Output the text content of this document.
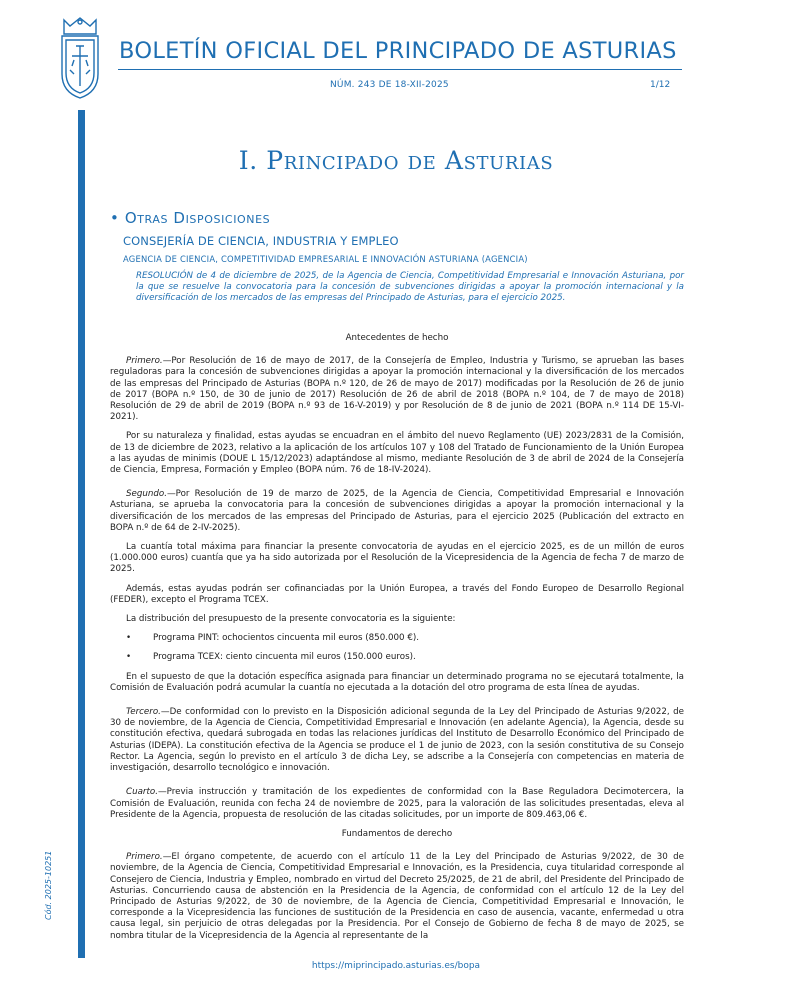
BOLETÍN OFICIAL DEL PRINCIPADO DE ASTURIAS
NÚM. 243 DE 18-XII-2025	1/12
Cód. 2025-10251
I. Principado de Asturias
• Otras Disposiciones
CONSEJERÍA DE CIENCIA, INDUSTRIA Y EMPLEO
AGENCIA DE CIENCIA, COMPETITIVIDAD EMPRESARIAL E INNOVACIÓN ASTURIANA (AGENCIA)
RESOLUCIÓN de 4 de diciembre de 2025, de la Agencia de Ciencia, Competitividad Empresarial e Innovación Asturiana, por la que se resuelve la convocatoria para la concesión de subvenciones dirigidas a apoyar la promoción internacional y la diversificación de los mercados de las empresas del Principado de Asturias, para el ejercicio 2025.

Antecedentes de hecho

Primero.—Por Resolución de 16 de mayo de 2017, de la Consejería de Empleo, Industria y Turismo, se aprueban las bases reguladoras para la concesión de subvenciones dirigidas a apoyar la promoción internacional y la diversificación de los mercados de las empresas del Principado de Asturias (BOPA n.º 120, de 26 de mayo de 2017) modificadas por la Resolución de 26 de junio de 2017 (BOPA n.º 150, de 30 de junio de 2017) Resolución de 26 de abril de 2018 (BOPA n.º 104, de 7 de mayo de 2018) Resolución de 29 de abril de 2019 (BOPA n.º 93 de 16-V-2019) y por Resolución de 8 de junio de 2021 (BOPA n.º 114 DE 15-VI-2021).

Por su naturaleza y finalidad, estas ayudas se encuadran en el ámbito del nuevo Reglamento (UE) 2023/2831 de la Comisión, de 13 de diciembre de 2023, relativo a la aplicación de los artículos 107 y 108 del Tratado de Funcionamiento de la Unión Europea a las ayudas de minimis (DOUE L 15/12/2023) adaptándose al mismo, mediante Resolución de 3 de abril de 2024 de la Consejería de Ciencia, Empresa, Formación y Empleo (BOPA núm. 76 de 18-IV-2024).

Segundo.—Por Resolución de 19 de marzo de 2025, de la Agencia de Ciencia, Competitividad Empresarial e Innovación Asturiana, se aprueba la convocatoria para la concesión de subvenciones dirigidas a apoyar la promoción internacional y la diversificación de los mercados de las empresas del Principado de Asturias, para el ejercicio 2025 (Publicación del extracto en BOPA n.º de 64 de 2-IV-2025).

La cuantía total máxima para financiar la presente convocatoria de ayudas en el ejercicio 2025, es de un millón de euros (1.000.000 euros) cuantía que ya ha sido autorizada por el Resolución de la Vicepresidencia de la Agencia de fecha 7 de marzo de 2025.

Además, estas ayudas podrán ser cofinanciadas por la Unión Europea, a través del Fondo Europeo de Desarrollo Regional (FEDER), excepto el Programa TCEX.

La distribución del presupuesto de la presente convocatoria es la siguiente:

•	Programa PINT: ochocientos cincuenta mil euros (850.000 €).

•	Programa TCEX: ciento cincuenta mil euros (150.000 euros).

En el supuesto de que la dotación específica asignada para financiar un determinado programa no se ejecutará totalmente, la Comisión de Evaluación podrá acumular la cuantía no ejecutada a la dotación del otro programa de esta línea de ayudas.

Tercero.—De conformidad con lo previsto en la Disposición adicional segunda de la Ley del Principado de Asturias 9/2022, de 30 de noviembre, de la Agencia de Ciencia, Competitividad Empresarial e Innovación (en adelante Agencia), la Agencia, desde su constitución efectiva, quedará subrogada en todas las relaciones jurídicas del Instituto de Desarrollo Económico del Principado de Asturias (IDEPA). La constitución efectiva de la Agencia se produce el 1 de junio de 2023, con la sesión constitutiva de su Consejo Rector. La Agencia, según lo previsto en el artículo 3 de dicha Ley, se adscribe a la Consejería con competencias en materia de investigación, desarrollo tecnológico e innovación.

Cuarto.—Previa instrucción y tramitación de los expedientes de conformidad con la Base Reguladora Decimotercera, la Comisión de Evaluación, reunida con fecha 24 de noviembre de 2025, para la valoración de las solicitudes presentadas, eleva al Presidente de la Agencia, propuesta de resolución de las citadas solicitudes, por un importe de 809.463,06 €.

Fundamentos de derecho

Primero.—El órgano competente, de acuerdo con el artículo 11 de la Ley del Principado de Asturias 9/2022, de 30 de noviembre, de la Agencia de Ciencia, Competitividad Empresarial e Innovación, es la Presidencia, cuya titularidad corresponde al Consejero de Ciencia, Industria y Empleo, nombrado en virtud del Decreto 25/2025, de 21 de abril, del Presidente del Principado de Asturias. Concurriendo causa de abstención en la Presidencia de la Agencia, de conformidad con el artículo 12 de la Ley del Principado de Asturias 9/2022, de 30 de noviembre, de la Agencia de Ciencia, Competitividad Empresarial e Innovación, le corresponde a la Vicepresidencia las funciones de sustitución de la Presidencia en caso de ausencia, vacante, enfermedad u otra causa legal, sin perjuicio de otras delegadas por la Presidencia. Por el Consejo de Gobierno de fecha 8 de mayo de 2025, se nombra titular de la Vicepresidencia de la Agencia al representante de la

https://miprincipado.asturias.es/bopa
